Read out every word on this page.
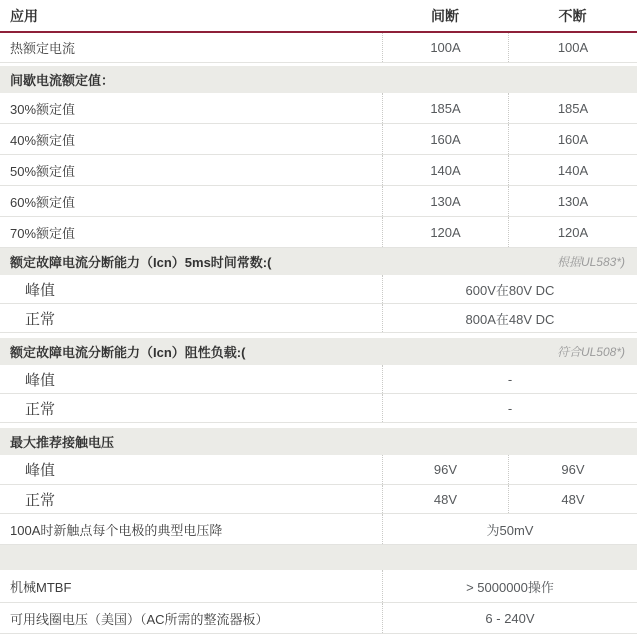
应用	间断	不断
热额定电流	100A	100A
间歇电流额定值：
30%额定值	185A	185A
40%额定值	160A	160A
50%额定值	140A	140A
60%额定值	130A	130A
70%额定值	120A	120A
额定故障电流分断能力（Icn）5ms时间常数:(	根据UL583*)
峰值	600V在80V DC
正常	800A在48V DC
额定故障电流分断能力（Icn）阻性负载:(	符合UL508*)
峰值	-
正常	-
最大推荐接触电压
峰值	96V	96V
正常	48V	48V
100A时新触点每个电极的典型电压降	为50mV
机械MTBF	> 5000000操作
可用线圈电压（美国）（AC所需的整流器板）	6 - 240V
